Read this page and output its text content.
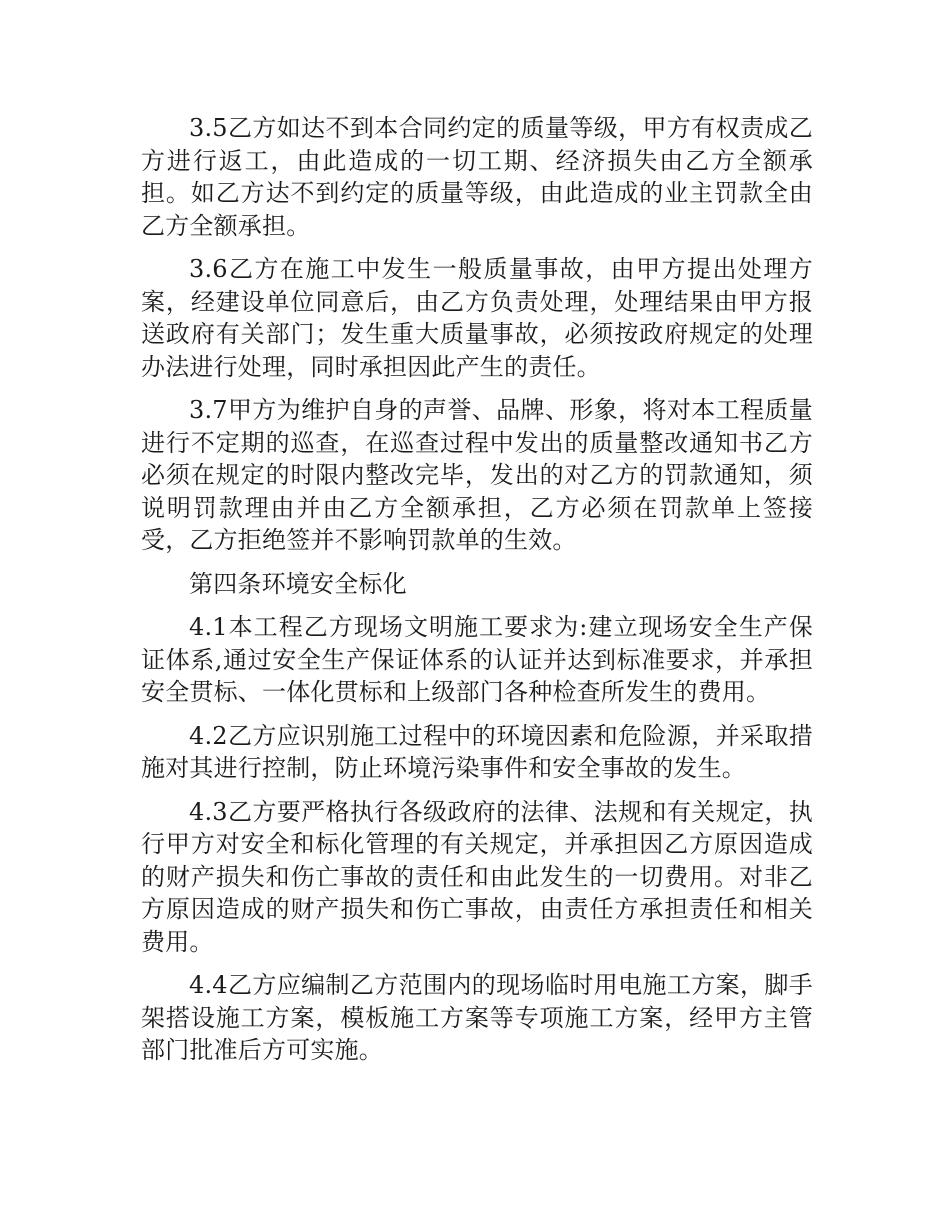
3.5乙方如达不到本合同约定的质量等级，甲方有权责成乙方进行返工，由此造成的一切工期、经济损失由乙方全额承担。如乙方达不到约定的质量等级，由此造成的业主罚款全由乙方全额承担。

3.6乙方在施工中发生一般质量事故，由甲方提出处理方案，经建设单位同意后，由乙方负责处理，处理结果由甲方报送政府有关部门；发生重大质量事故，必须按政府规定的处理办法进行处理，同时承担因此产生的责任。

3.7甲方为维护自身的声誉、品牌、形象，将对本工程质量进行不定期的巡查，在巡查过程中发出的质量整改通知书乙方必须在规定的时限内整改完毕，发出的对乙方的罚款通知，须说明罚款理由并由乙方全额承担，乙方必须在罚款单上签接受，乙方拒绝签并不影响罚款单的生效。

第四条环境安全标化

4.1本工程乙方现场文明施工要求为:建立现场安全生产保证体系,通过安全生产保证体系的认证并达到标准要求，并承担安全贯标、一体化贯标和上级部门各种检查所发生的费用。

4.2乙方应识别施工过程中的环境因素和危险源，并采取措施对其进行控制，防止环境污染事件和安全事故的发生。

4.3乙方要严格执行各级政府的法律、法规和有关规定，执行甲方对安全和标化管理的有关规定，并承担因乙方原因造成的财产损失和伤亡事故的责任和由此发生的一切费用。对非乙方原因造成的财产损失和伤亡事故，由责任方承担责任和相关费用。

4.4乙方应编制乙方范围内的现场临时用电施工方案，脚手架搭设施工方案，模板施工方案等专项施工方案，经甲方主管部门批准后方可实施。
